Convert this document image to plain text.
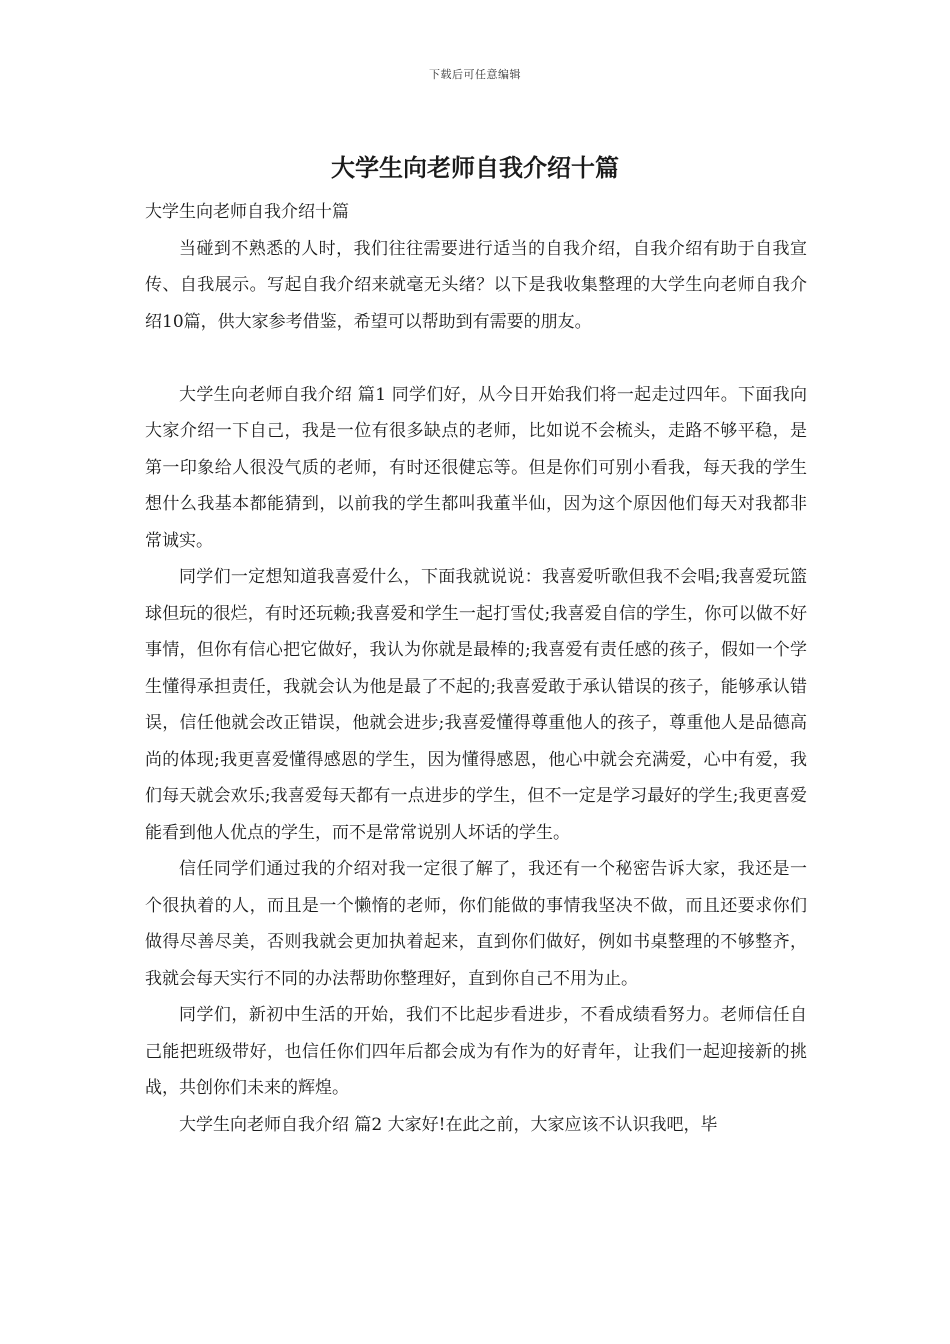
下载后可任意编辑
大学生向老师自我介绍十篇

大学生向老师自我介绍十篇

当碰到不熟悉的人时，我们往往需要进行适当的自我介绍，自我介绍有助于自我宣传、自我展示。写起自我介绍来就毫无头绪？以下是我收集整理的大学生向老师自我介绍10篇，供大家参考借鉴，希望可以帮助到有需要的朋友。

大学生向老师自我介绍 篇1 同学们好，从今日开始我们将一起走过四年。下面我向大家介绍一下自己，我是一位有很多缺点的老师，比如说不会梳头，走路不够平稳，是第一印象给人很没气质的老师，有时还很健忘等。但是你们可别小看我，每天我的学生想什么我基本都能猜到，以前我的学生都叫我董半仙，因为这个原因他们每天对我都非常诚实。

同学们一定想知道我喜爱什么，下面我就说说：我喜爱听歌但我不会唱;我喜爱玩篮球但玩的很烂，有时还玩赖;我喜爱和学生一起打雪仗;我喜爱自信的学生，你可以做不好事情，但你有信心把它做好，我认为你就是最棒的;我喜爱有责任感的孩子，假如一个学生懂得承担责任，我就会认为他是最了不起的;我喜爱敢于承认错误的孩子，能够承认错误，信任他就会改正错误，他就会进步;我喜爱懂得尊重他人的孩子，尊重他人是品德高尚的体现;我更喜爱懂得感恩的学生，因为懂得感恩，他心中就会充满爱，心中有爱，我们每天就会欢乐;我喜爱每天都有一点进步的学生，但不一定是学习最好的学生;我更喜爱能看到他人优点的学生，而不是常常说别人坏话的学生。

信任同学们通过我的介绍对我一定很了解了，我还有一个秘密告诉大家，我还是一个很执着的人，而且是一个懒惰的老师，你们能做的事情我坚决不做，而且还要求你们做得尽善尽美，否则我就会更加执着起来，直到你们做好，例如书桌整理的不够整齐，我就会每天实行不同的办法帮助你整理好，直到你自己不用为止。

同学们，新初中生活的开始，我们不比起步看进步，不看成绩看努力。老师信任自己能把班级带好，也信任你们四年后都会成为有作为的好青年，让我们一起迎接新的挑战，共创你们未来的辉煌。

大学生向老师自我介绍 篇2 大家好!在此之前，大家应该不认识我吧，毕
